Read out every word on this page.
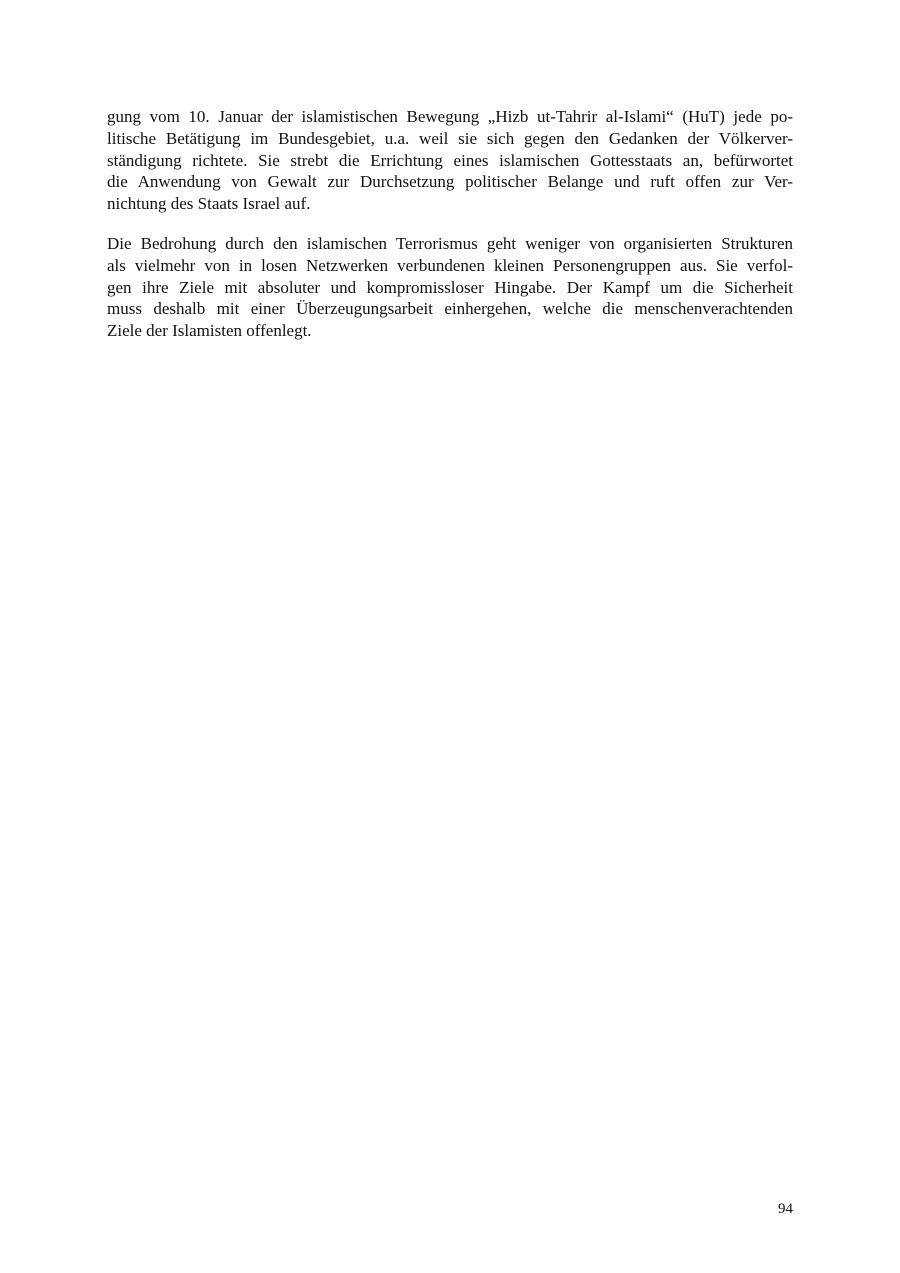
gung vom 10. Januar der islamistischen Bewegung „Hizb ut-Tahrir al-Islami“ (HuT) jede po-
litische Betätigung im Bundesgebiet, u.a. weil sie sich gegen den Gedanken der Völkerver-
ständigung richtete. Sie strebt die Errichtung eines islamischen Gottesstaats an, befürwortet
die Anwendung von Gewalt zur Durchsetzung politischer Belange und ruft offen zur Ver-
nichtung des Staats Israel auf.
Die Bedrohung durch den islamischen Terrorismus geht weniger von organisierten Strukturen
als vielmehr von in losen Netzwerken verbundenen kleinen Personengruppen aus. Sie verfol-
gen ihre Ziele mit absoluter und kompromissloser Hingabe. Der Kampf um die Sicherheit
muss deshalb mit einer Überzeugungsarbeit einhergehen, welche die menschenverachtenden
Ziele der Islamisten offenlegt.
94
